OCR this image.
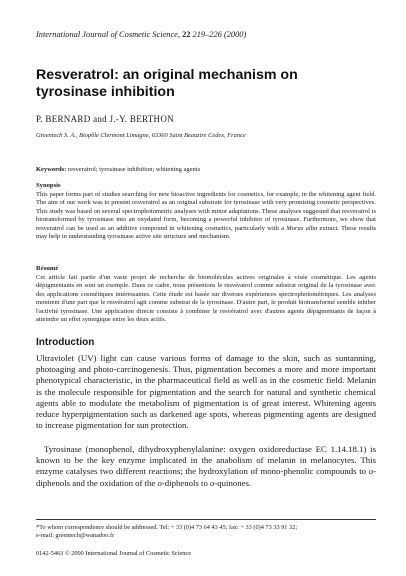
International Journal of Cosmetic Science, 22 219–226 (2000)
Resveratrol: an original mechanism on tyrosinase inhibition
P. BERNARD and J.-Y. BERTHON
Greentech S. A., Biopôle Clermont Limagne, 63360 Saint Beauzire Cedex, France
Keywords: resveratrol; tyrosinase inhibition; whitening agents
Synopsis
This paper forms part of studies searching for new bioactive ingredients for cosmetics, for example, in the whitening agent field. The aim of our work was to present resveratrol as an original substrate for tyrosinase with very promising cosmetic perspectives. This study was based on several spectrophotometric analyses with minor adaptations. These analyses suggested that resveratrol is biotransformed by tyrosinase into an oxydated form, becoming a powerful inhibitor of tyrosinase. Furthermore, we show that resveratrol can be used as an additive compound in whitening cosmetics, particularly with a Morus alba extract. These results may help in understanding tyrosinase active site structure and mechanism.
Résumé
Cet article fait partie d'un vaste projet de recherche de biomolécules actives originales à visée cosmétique. Les agents dépigmentants en sont un exemple. Dans ce cadre, nous présentons le resvératrol comme substrat original de la tyrosinase avec des applications cosmétiques intéressantes. Cette étude est basée sur diverses expériences spectrophotométriques. Les analyses montrent d'une part que le resvératrol agit comme substrat de la tyrosinase. D'autre part, le produit biotransformé semble inhiber l'activité tyrosinase. Une application directe consiste à combiner le resvératrol avec d'autres agents dépigmentants de façon à atteindre un effet synergique entre les deux actifs.
Introduction
Ultraviolet (UV) light can cause various forms of damage to the skin, such as suntanning, photoaging and photo-carcinogenesis. Thus, pigmentation becomes a more and more important phenotypical characteristic, in the pharmaceutical field as well as in the cosmetic field. Melanin is the molecule responsible for pigmentation and the search for natural and synthetic chemical agents able to modulate the metabolism of pigmentation is of great interest. Whitening agents reduce hyperpigmentation such as darkened age spots, whereas pigmenting agents are designed to increase pigmentation for sun protection.
Tyrosinase (monophenol, dihydroxyphenylalanine: oxygen oxidoreductase EC 1.14.18.1) is known to be the key enzyme implicated in the anabolism of melanin in melanocytes. This enzyme catalyses two different reactions; the hydroxylation of mono-phenolic compounds to o-diphenols and the oxidation of the o-diphenols to o-quinones.
*To whom correspondence should be addressed. Tel: + 33 (0)4 73 64 43 45; fax: + 33 (0)4 73 33 91 32;
e-mail: greentech@wanadoo.fr
0142-5463 © 2000 International Journal of Cosmetic Science
